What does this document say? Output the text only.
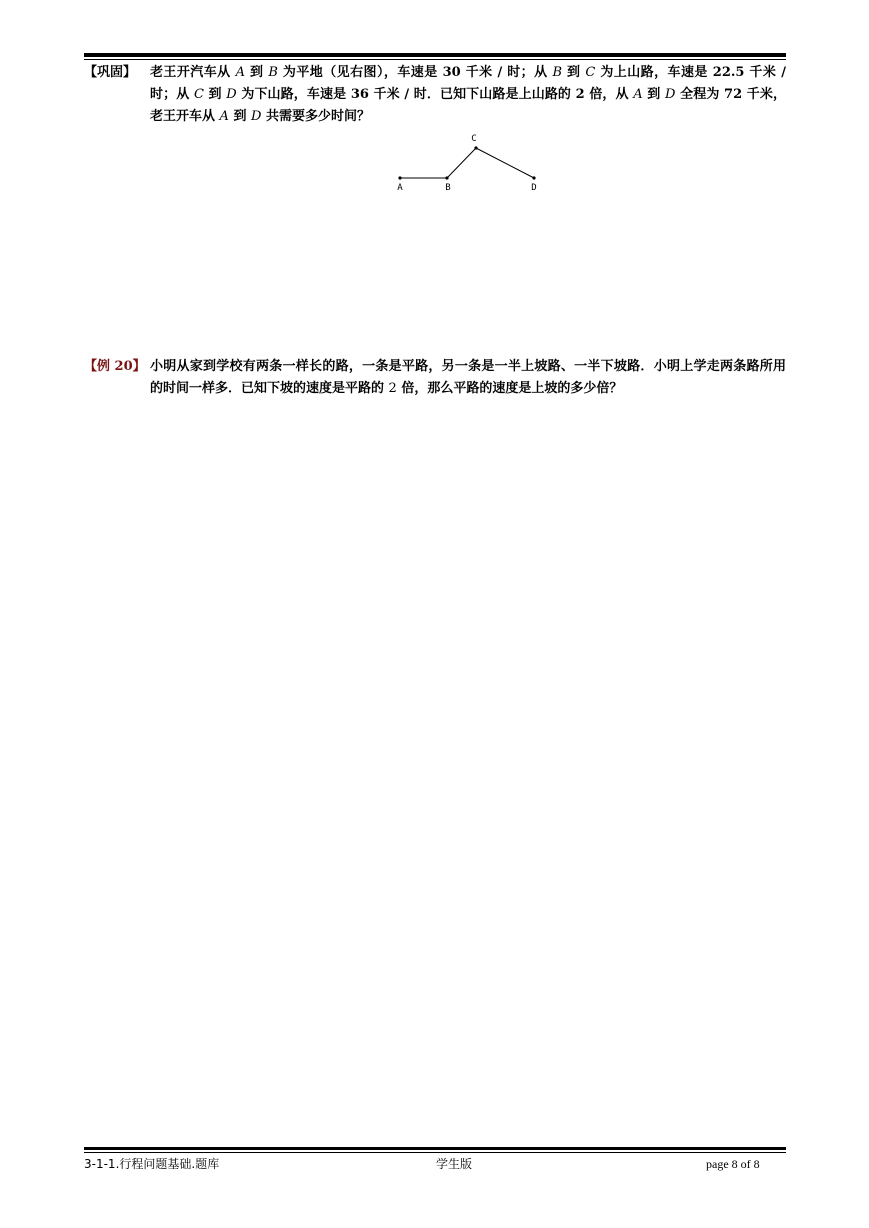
【巩固】 老王开汽车从 A 到 B 为平地（见右图），车速是 30 千米 / 时；从 B 到 C 为上山路，车速是 22.5 千米 / 时；从 C 到 D 为下山路，车速是 36 千米 / 时．已知下山路是上山路的 2 倍，从 A 到 D 全程为 72 千米，老王开车从 A 到 D 共需要多少时间？
A	B
C
D
【例 20】 小明从家到学校有两条一样长的路，一条是平路，另一条是一半上坡路、一半下坡路．小明上学走两条路所用的时间一样多．已知下坡的速度是平路的 2 倍，那么平路的速度是上坡的多少倍？
3-1-1.行程问题基础.题库	学生版	page 8 of 8
